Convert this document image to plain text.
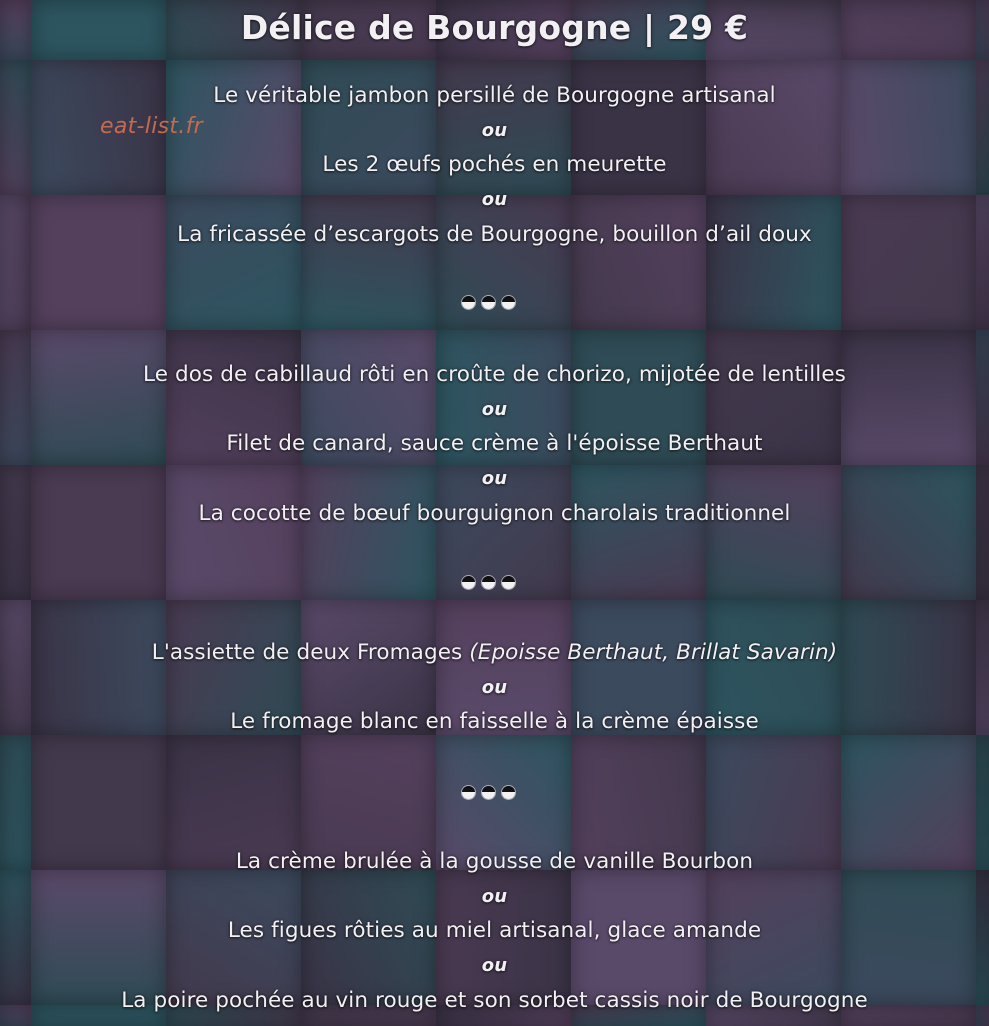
Délice de Bourgogne | 29 €
Le véritable jambon persillé de Bourgogne artisanal
ou
Les 2 œufs pochés en meurette
ou
La fricassée d’escargots de Bourgogne, bouillon d’ail doux
Le dos de cabillaud rôti en croûte de chorizo, mijotée de lentilles
ou
Filet de canard, sauce crème à l'époisse Berthaut
ou
La cocotte de bœuf bourguignon charolais traditionnel
L'assiette de deux Fromages (Epoisse Berthaut, Brillat Savarin)
ou
Le fromage blanc en faisselle à la crème épaisse
La crème brulée à la gousse de vanille Bourbon
ou
Les figues rôties au miel artisanal, glace amande
ou
La poire pochée au vin rouge et son sorbet cassis noir de Bourgogne
eat-list.fr
